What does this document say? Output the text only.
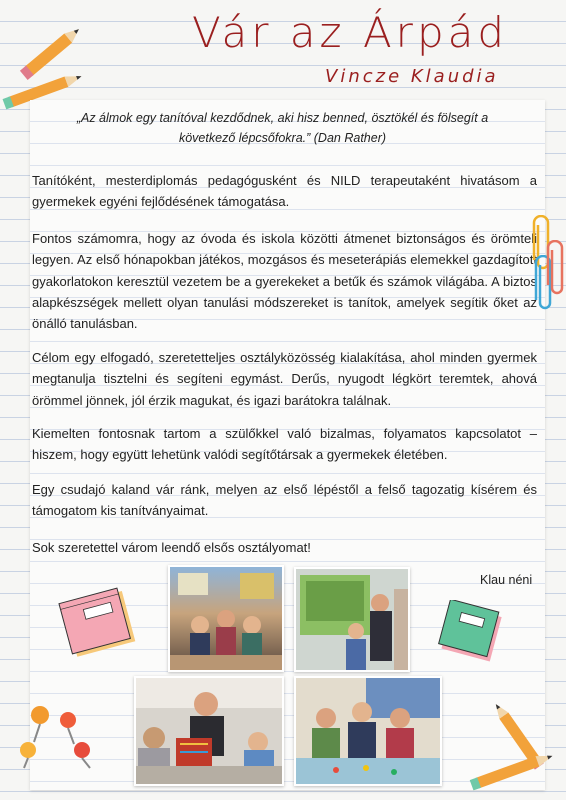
Vár az Árpád
Vincze Klaudia
„Az álmok egy tanítóval kezdődnek, aki hisz benned, ösztökél és fölsegít a következő lépcsőfokra.” (Dan Rather)
Tanítóként, mesterdiplomás pedagógusként és NILD terapeutaként hivatásom a gyermekek egyéni fejlődésének támogatása.
Fontos számomra, hogy az óvoda és iskola közötti átmenet biztonságos és örömteli legyen. Az első hónapokban játékos, mozgásos és meseterápiás elemekkel gazdagított gyakorlatokon keresztül vezetem be a gyerekeket a betűk és számok világába. A biztos alapkészségek mellett olyan tanulási módszereket is tanítok, amelyek segítik őket az önálló tanulásban.
Célom egy elfogadó, szeretetteljes osztályközösség kialakítása, ahol minden gyermek megtanulja tisztelni és segíteni egymást. Derűs, nyugodt légkört teremtek, ahová örömmel jönnek, jól érzik magukat, és igazi barátokra találnak.
Kiemelten fontosnak tartom a szülőkkel való bizalmas, folyamatos kapcsolatot – hiszem, hogy együtt lehetünk valódi segítőtársak a gyermekek életében.
Egy csudajó kaland vár ránk, melyen az első lépéstől a felső tagozatig kísérem és támogatom kis tanítványaimat.
Sok szeretettel várom leendő elsős osztályomat!
Klau néni
